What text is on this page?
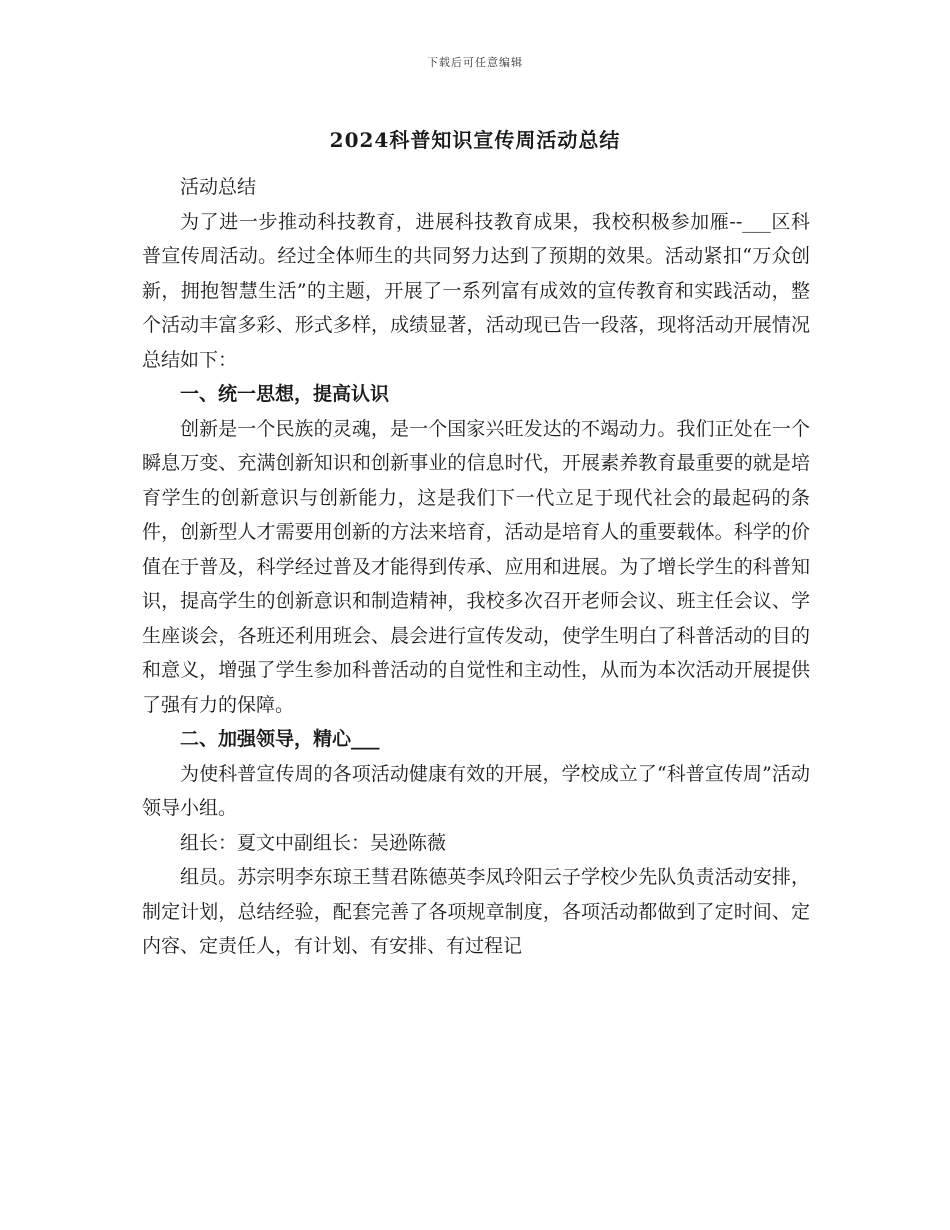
下载后可任意编辑
2024科普知识宣传周活动总结

活动总结

为了进一步推动科技教育，进展科技教育成果，我校积极参加雁--___区科普宣传周活动。经过全体师生的共同努力达到了预期的效果。活动紧扣“万众创新，拥抱智慧生活”的主题，开展了一系列富有成效的宣传教育和实践活动，整个活动丰富多彩、形式多样，成绩显著，活动现已告一段落，现将活动开展情况总结如下：

一、统一思想，提高认识

创新是一个民族的灵魂，是一个国家兴旺发达的不竭动力。我们正处在一个瞬息万变、充满创新知识和创新事业的信息时代，开展素养教育最重要的就是培育学生的创新意识与创新能力，这是我们下一代立足于现代社会的最起码的条件，创新型人才需要用创新的方法来培育，活动是培育人的重要载体。科学的价值在于普及，科学经过普及才能得到传承、应用和进展。为了增长学生的科普知识，提高学生的创新意识和制造精神，我校多次召开老师会议、班主任会议、学生座谈会，各班还利用班会、晨会进行宣传发动，使学生明白了科普活动的目的和意义，增强了学生参加科普活动的自觉性和主动性，从而为本次活动开展提供了强有力的保障。

二、加强领导，精心___

为使科普宣传周的各项活动健康有效的开展，学校成立了“科普宣传周”活动领导小组。

组长：夏文中副组长：吴逊陈薇

组员。苏宗明李东琼王彗君陈德英李凤玲阳云子学校少先队负责活动安排，制定计划，总结经验，配套完善了各项规章制度，各项活动都做到了定时间、定内容、定责任人，有计划、有安排、有过程记
